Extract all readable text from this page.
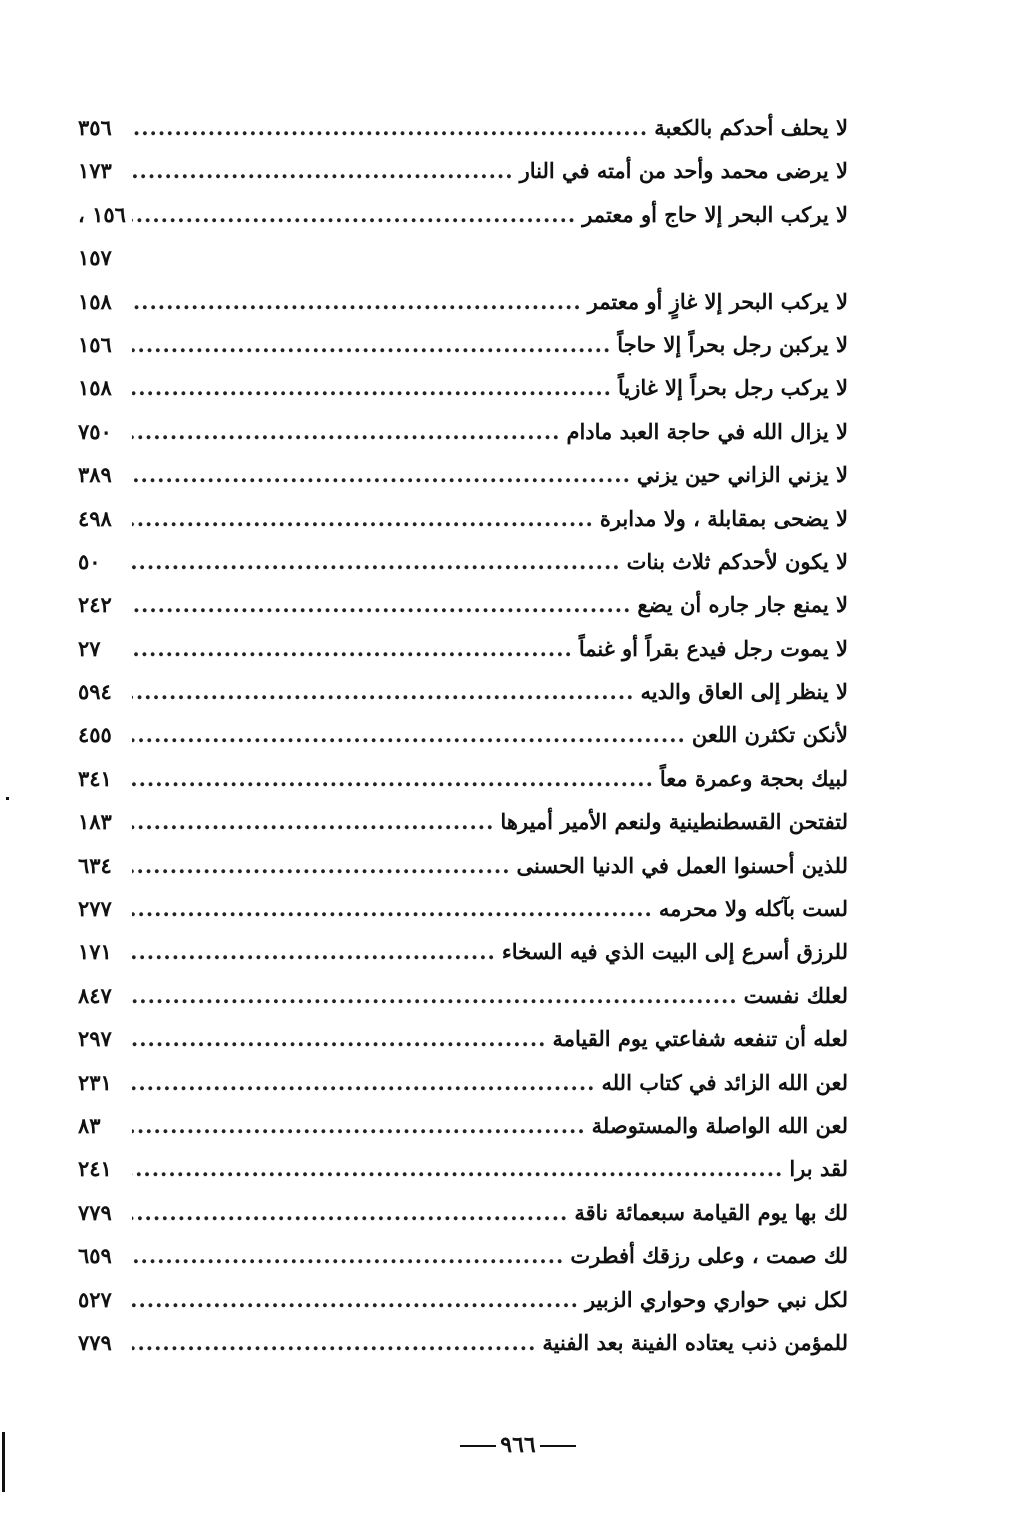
لا يحلف أحدكم بالكعبة
.....
٣٥٦
لا يرضى محمد وأحد من أمته في النار
.....
١٧٣
لا يركب البحر إلا حاج أو معتمر
.....
١٥٦ ،
١٥٧
لا يركب البحر إلا غازٍ أو معتمر
.....
١٥٨
لا يركبن رجل بحراً إلا حاجاً
.....
١٥٦
لا يركب رجل بحراً إلا غازياً
.....
١٥٨
لا يزال الله في حاجة العبد مادام
.....
٧٥٠
لا يزني الزاني حين يزني
.....
٣٨٩
لا يضحى بمقابلة ، ولا مدابرة
.....
٤٩٨
لا يكون لأحدكم ثلاث بنات
.....
٥٠
لا يمنع جار جاره أن يضع
.....
٢٤٢
لا يموت رجل فيدع بقراً أو غنماً
.....
٢٧
لا ينظر إلى العاق والديه
.....
٥٩٤
لأنكن تكثرن اللعن
.....
٤٥٥
لبيك بحجة وعمرة معاً
.....
٣٤١
لتفتحن القسطنطينية ولنعم الأمير أميرها
.....
١٨٣
للذين أحسنوا العمل في الدنيا الحسنى
.....
٦٣٤
لست بآكله ولا محرمه
.....
٢٧٧
للرزق أسرع إلى البيت الذي فيه السخاء
.....
١٧١
لعلك نفست
.....
٨٤٧
لعله أن تنفعه شفاعتي يوم القيامة
.....
٢٩٧
لعن الله الزائد في كتاب الله
.....
٢٣١
لعن الله الواصلة والمستوصلة
.....
٨٣
لقد برا
.....
٢٤١
لك بها يوم القيامة سبعمائة ناقة
.....
٧٧٩
لك صمت ، وعلى رزقك أفطرت
.....
٦٥٩
لكل نبي حواري وحواري الزبير
.....
٥٢٧
للمؤمن ذنب يعتاده الفينة بعد الفنية
.....
٧٧٩
٩٦٦
